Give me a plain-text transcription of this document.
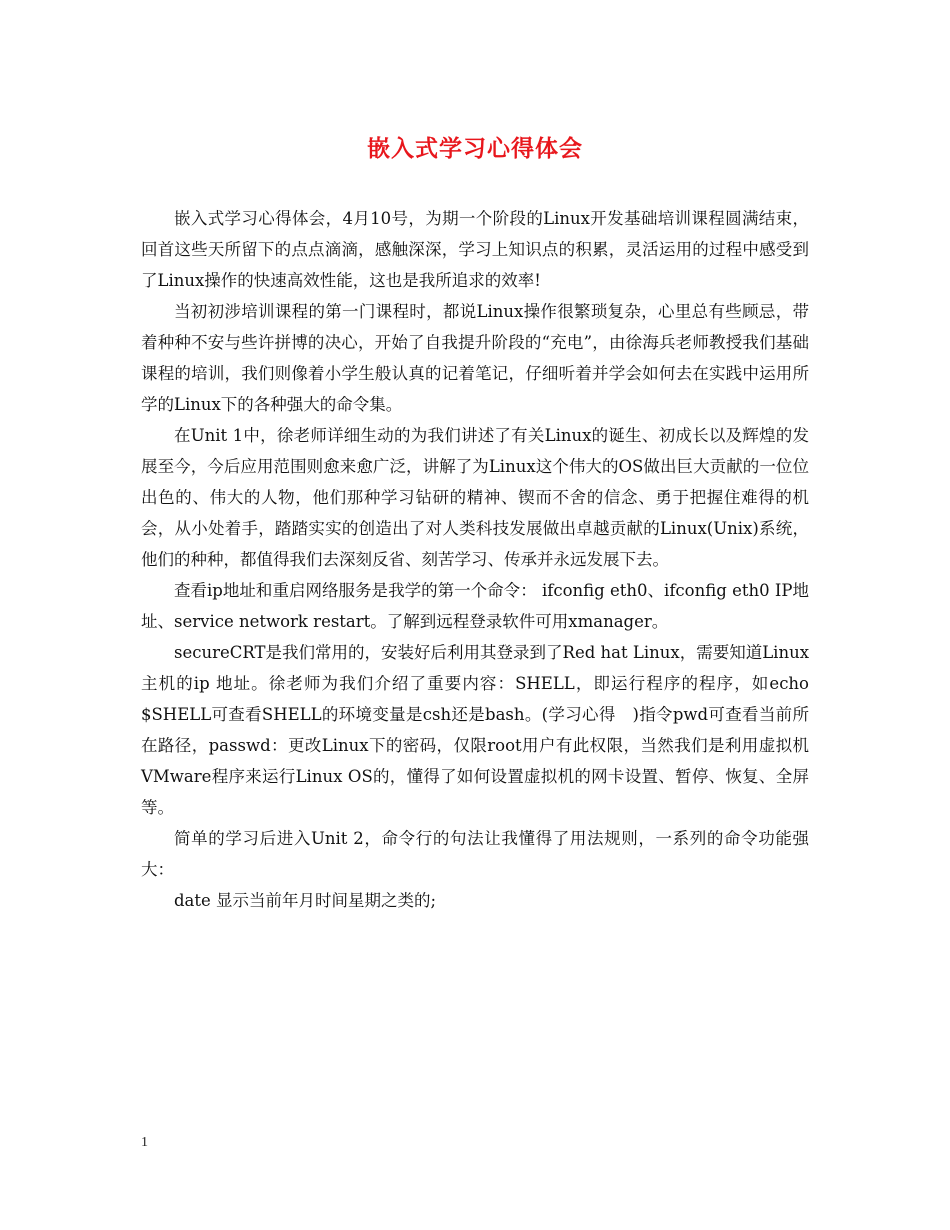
嵌入式学习心得体会

嵌入式学习心得体会，4月10号，为期一个阶段的Linux开发基础培训课程圆满结束，回首这些天所留下的点点滴滴，感触深深，学习上知识点的积累，灵活运用的过程中感受到了Linux操作的快速高效性能，这也是我所追求的效率!

当初初涉培训课程的第一门课程时，都说Linux操作很繁琐复杂，心里总有些顾忌，带着种种不安与些许拼博的决心，开始了自我提升阶段的“充电”，由徐海兵老师教授我们基础课程的培训，我们则像着小学生般认真的记着笔记，仔细听着并学会如何去在实践中运用所学的Linux下的各种强大的命令集。

在Unit 1中，徐老师详细生动的为我们讲述了有关Linux的诞生、初成长以及辉煌的发展至今，今后应用范围则愈来愈广泛，讲解了为Linux这个伟大的OS做出巨大贡献的一位位出色的、伟大的人物，他们那种学习钻研的精神、锲而不舍的信念、勇于把握住难得的机会，从小处着手，踏踏实实的创造出了对人类科技发展做出卓越贡献的Linux(Unix)系统，他们的种种，都值得我们去深刻反省、刻苦学习、传承并永远发展下去。

查看ip地址和重启网络服务是我学的第一个命令： ifconfig eth0、ifconfig eth0 IP地址、service network restart。了解到远程登录软件可用xmanager。

secureCRT是我们常用的，安装好后利用其登录到了Red hat Linux，需要知道Linux主机的ip 地址。徐老师为我们介绍了重要内容：SHELL，即运行程序的程序，如echo $SHELL可查看SHELL的环境变量是csh还是bash。(学习心得　)指令pwd可查看当前所在路径，passwd：更改Linux下的密码，仅限root用户有此权限，当然我们是利用虚拟机VMware程序来运行Linux OS的，懂得了如何设置虚拟机的网卡设置、暂停、恢复、全屏等。

简单的学习后进入Unit 2，命令行的句法让我懂得了用法规则，一系列的命令功能强大：

date 显示当前年月时间星期之类的;

1
